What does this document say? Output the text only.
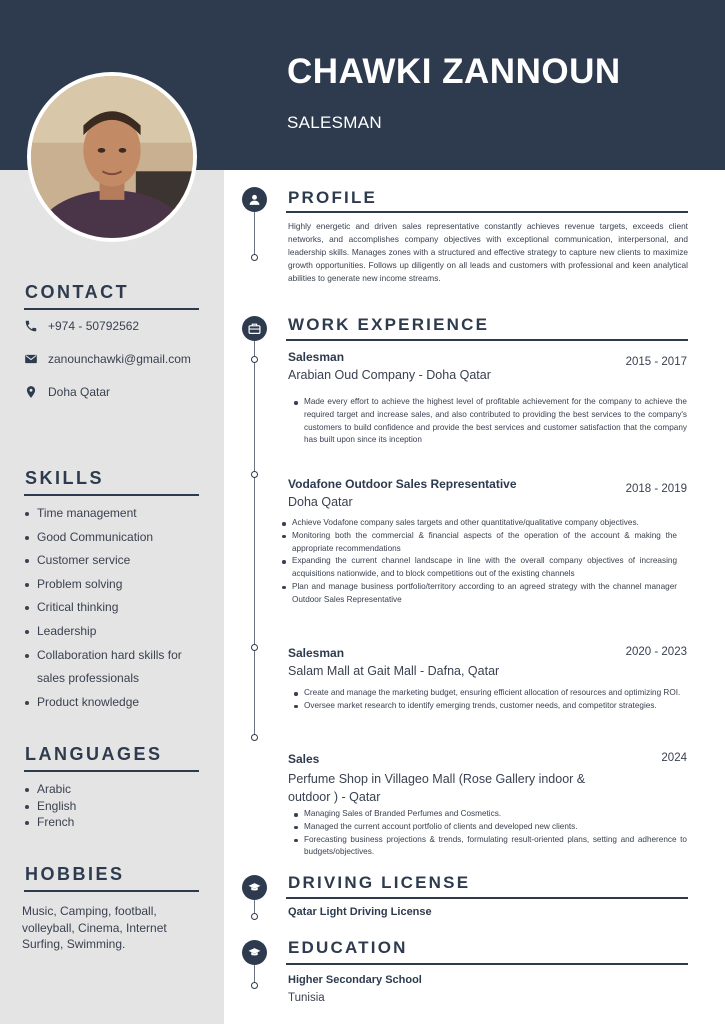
CHAWKI ZANNOUN
SALESMAN
CONTACT
+974 - 50792562
zanounchawki@gmail.com
Doha Qatar
SKILLS
Time management
Good Communication
Customer service
Problem solving
Critical thinking
Leadership
Collaboration hard skills for
sales professionals
Product knowledge
LANGUAGES
Arabic
English
French
HOBBIES
Music, Camping, football, volleyball, Cinema, Internet Surfing, Swimming.
PROFILE
Highly energetic and driven sales representative constantly achieves revenue targets, exceeds client networks, and accomplishes company objectives with exceptional communication, interpersonal, and leadership skills. Manages zones with a structured and effective strategy to capture new clients to maximize growth opportunities. Follows up diligently on all leads and customers with professional and keen analytical abilities to generate new income streams.
WORK EXPERIENCE
Salesman	2015 - 2017
Arabian Oud Company - Doha Qatar
Made every effort to achieve the highest level of profitable achievement for the company to achieve the required target and increase sales, and also contributed to providing the best services to the company's customers to build confidence and provide the best services and customer satisfaction that the company has built upon since its inception
Vodafone Outdoor Sales Representative	2018 - 2019
Doha Qatar
Achieve Vodafone company sales targets and other quantitative/qualitative company objectives.
Monitoring both the commercial & financial aspects of the operation of the account & making the appropriate recommendations
Expanding the current channel landscape in line with the overall company objectives of increasing acquisitions nationwide, and to block competitions out of the existing channels
Plan and manage business portfolio/territory according to an agreed strategy with the channel manager Outdoor Sales Representative
Salesman	2020 - 2023
Salam Mall at Gait Mall - Dafna, Qatar
Create and manage the marketing budget, ensuring efficient allocation of resources and optimizing ROI.
Oversee market research to identify emerging trends, customer needs, and competitor strategies.
Sales	2024
Perfume Shop in Villageo Mall (Rose Gallery indoor & outdoor ) - Qatar
Managing Sales of Branded Perfumes and Cosmetics.
Managed the current account portfolio of clients and developed new clients.
Forecasting business projections & trends, formulating result-oriented plans, setting and adherence to budgets/objectives.
DRIVING LICENSE
Qatar Light Driving License
EDUCATION
Higher Secondary School
Tunisia
